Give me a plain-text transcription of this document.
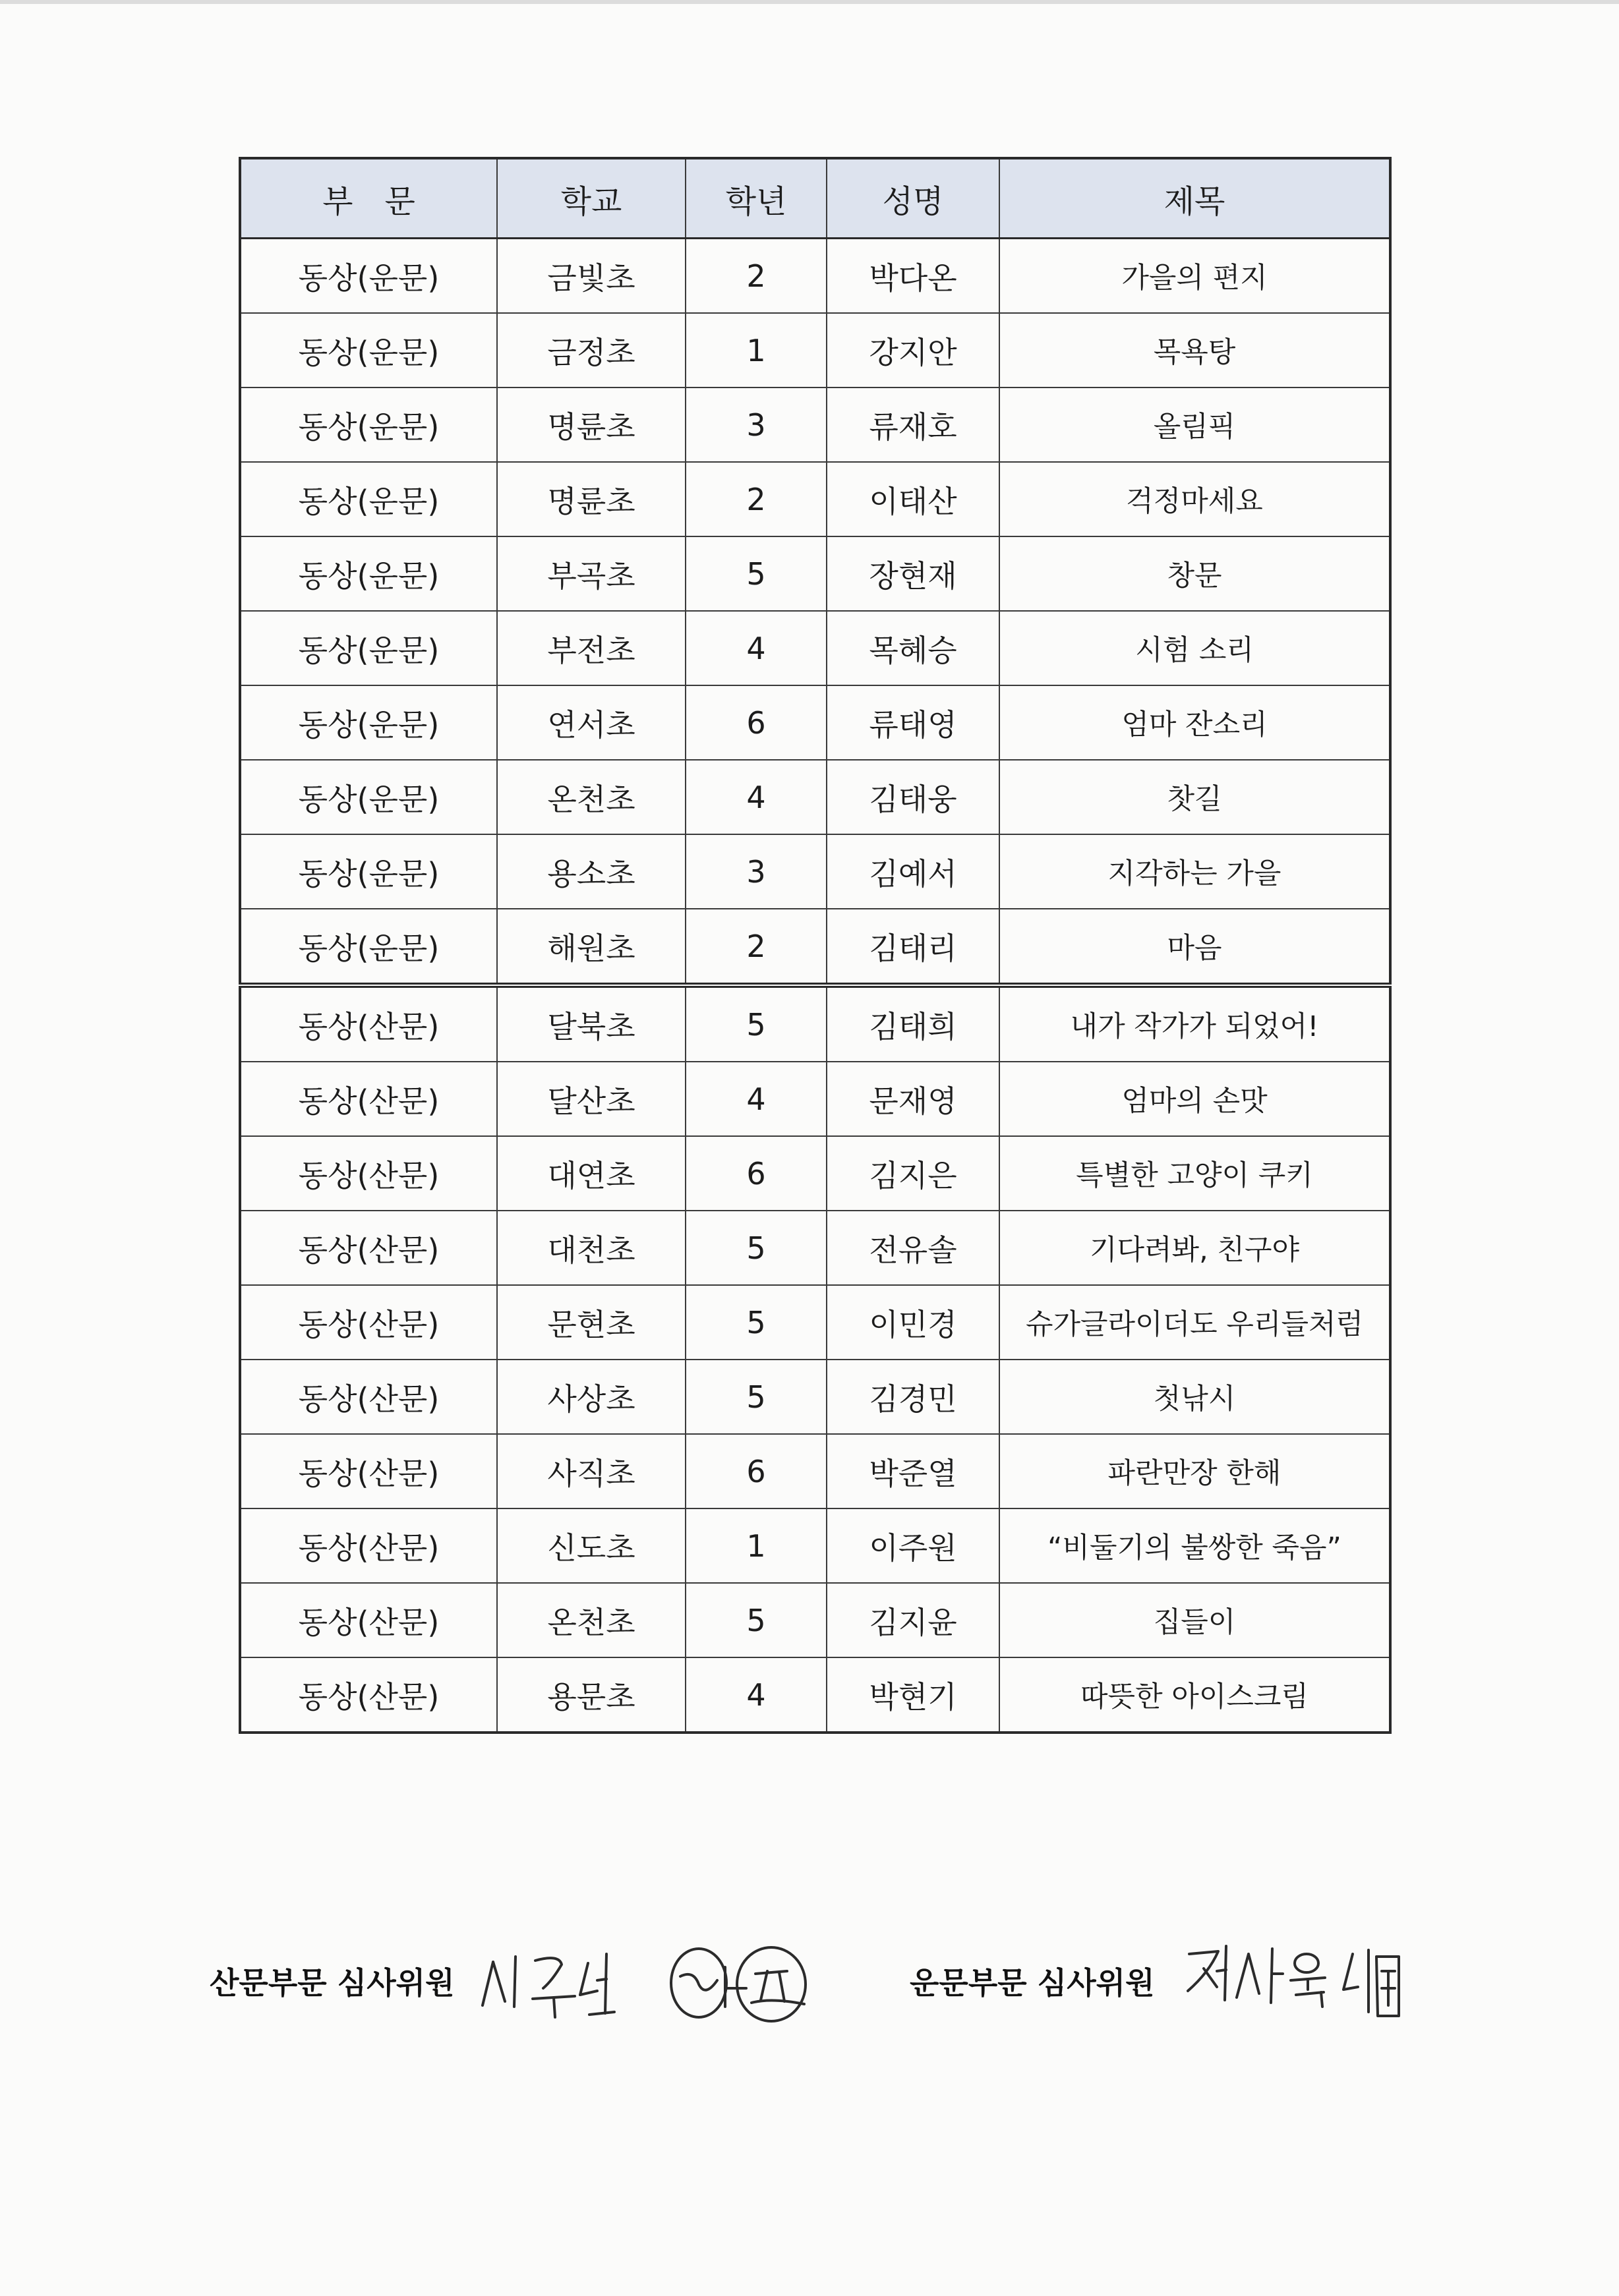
부　문	학교	학년	성명	제목
동상(운문)	금빛초	2	박다온	가을의 편지
동상(운문)	금정초	1	강지안	목욕탕
동상(운문)	명륜초	3	류재호	올림픽
동상(운문)	명륜초	2	이태산	걱정마세요
동상(운문)	부곡초	5	장현재	창문
동상(운문)	부전초	4	목혜승	시험 소리
동상(운문)	연서초	6	류태영	엄마 잔소리
동상(운문)	온천초	4	김태웅	찻길
동상(운문)	용소초	3	김예서	지각하는 가을
동상(운문)	해원초	2	김태리	마음
동상(산문)	달북초	5	김태희	내가 작가가 되었어!
동상(산문)	달산초	4	문재영	엄마의 손맛
동상(산문)	대연초	6	김지은	특별한 고양이 쿠키
동상(산문)	대천초	5	전유솔	기다려봐, 친구야
동상(산문)	문현초	5	이민경	슈가글라이더도 우리들처럼
동상(산문)	사상초	5	김경민	첫낚시
동상(산문)	사직초	6	박준열	파란만장 한해
동상(산문)	신도초	1	이주원	“비둘기의 불쌍한 죽음”
동상(산문)	온천초	5	김지윤	집들이
동상(산문)	용문초	4	박현기	따뜻한 아이스크림
산문부문 심사위원	운문부문 심사위원
